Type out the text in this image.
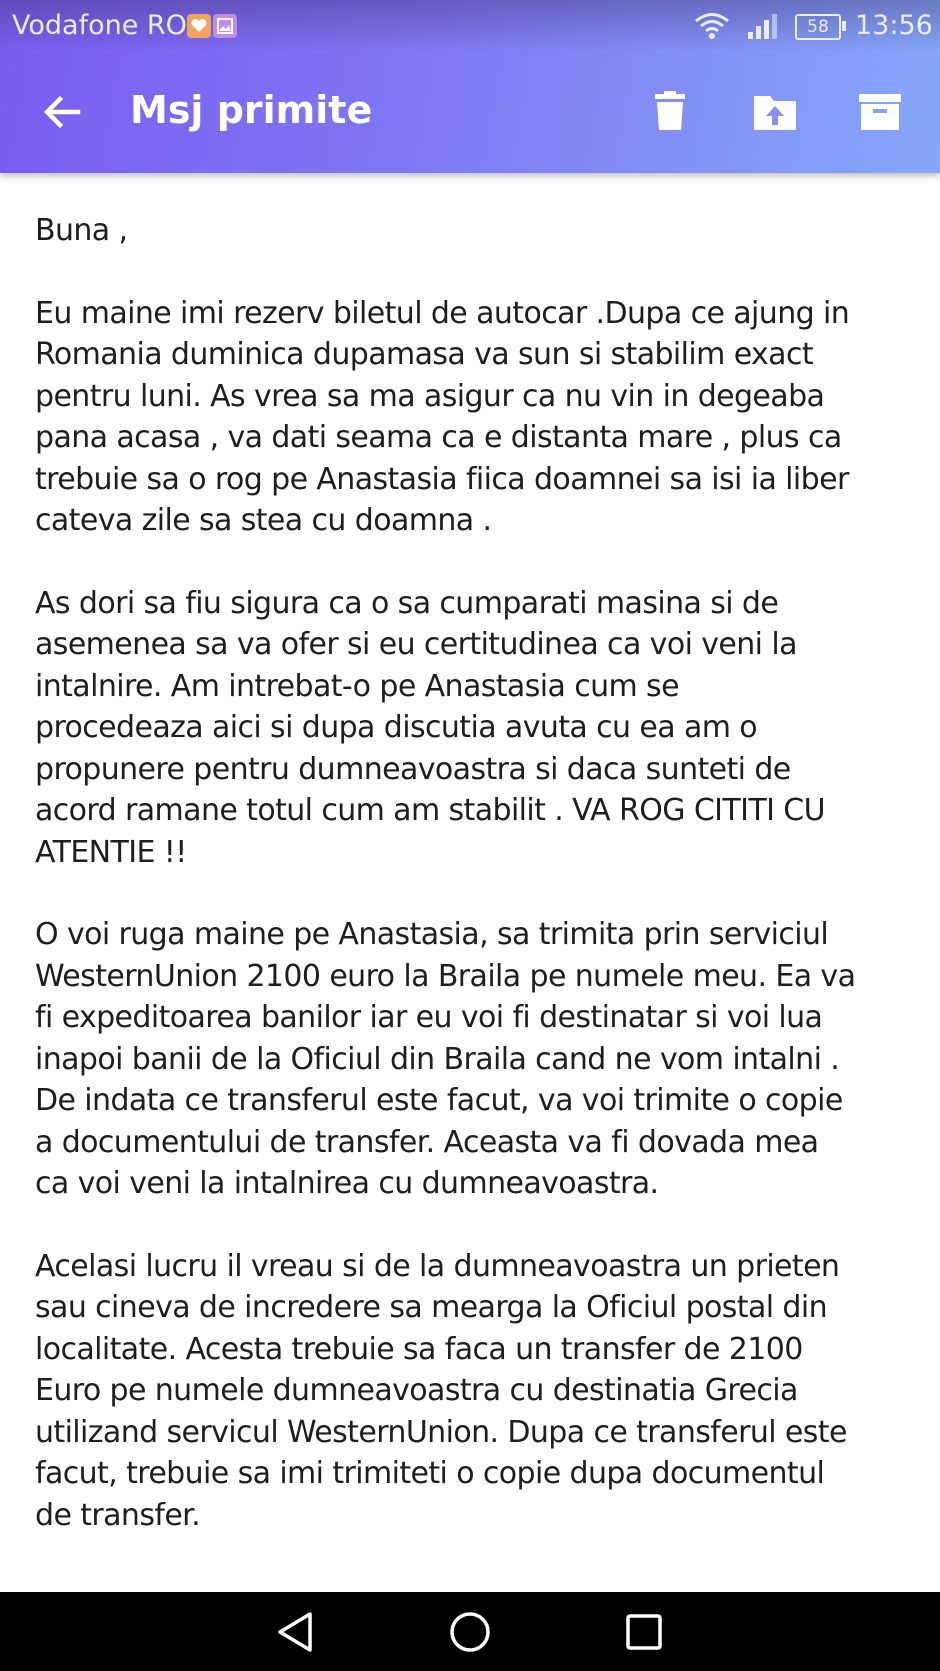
Vodafone RO	58 13:56
Msj primite

Buna ,

Eu maine imi rezerv biletul de autocar .Dupa ce ajung in
Romania duminica dupamasa va sun si stabilim exact
pentru luni. As vrea sa ma asigur ca nu vin in degeaba
pana acasa , va dati seama ca e distanta mare , plus ca
trebuie sa o rog pe Anastasia fiica doamnei sa isi ia liber
cateva zile sa stea cu doamna .

As dori sa fiu sigura ca o sa cumparati masina si de
asemenea sa va ofer si eu certitudinea ca voi veni la
intalnire. Am intrebat-o pe Anastasia cum se
procedeaza aici si dupa discutia avuta cu ea am o
propunere pentru dumneavoastra si daca sunteti de
acord ramane totul cum am stabilit . VA ROG CITITI CU
ATENTIE !!

O voi ruga maine pe Anastasia, sa trimita prin serviciul
WesternUnion 2100 euro la Braila pe numele meu. Ea va
fi expeditoarea banilor iar eu voi fi destinatar si voi lua
inapoi banii de la Oficiul din Braila cand ne vom intalni .
De indata ce transferul este facut, va voi trimite o copie
a documentului de transfer. Aceasta va fi dovada mea
ca voi veni la intalnirea cu dumneavoastra.

Acelasi lucru il vreau si de la dumneavoastra un prieten
sau cineva de incredere sa mearga la Oficiul postal din
localitate. Acesta trebuie sa faca un transfer de 2100
Euro pe numele dumneavoastra cu destinatia Grecia
utilizand servicul WesternUnion. Dupa ce transferul este
facut, trebuie sa imi trimiteti o copie dupa documentul
de transfer.
